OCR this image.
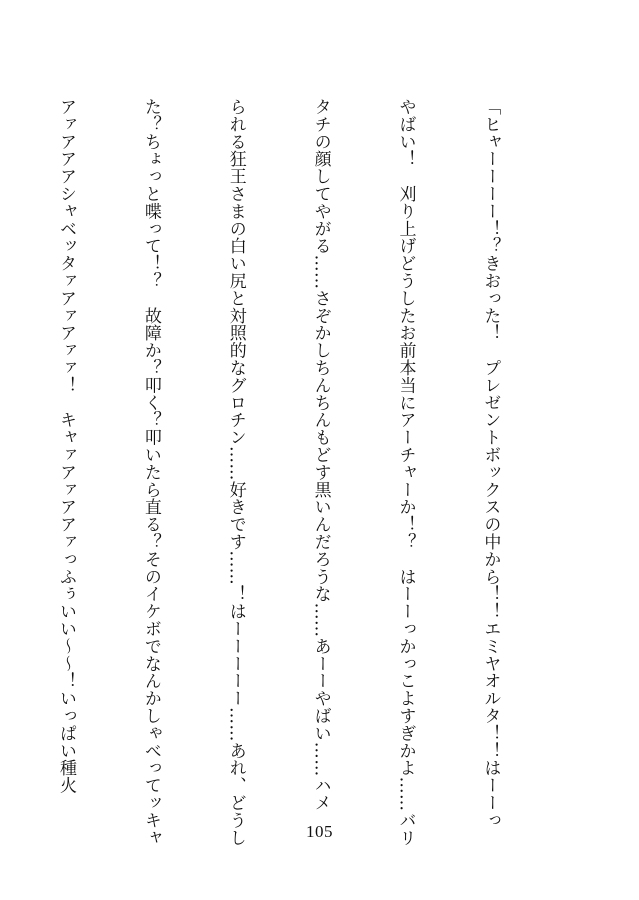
「ヒャーーーー！？きおった！　プレゼントボックスの中から！！エミヤオルタ！！はーーっ

やばい！　刈り上げどうしたお前本当にアーチャーか！？　はーーっかっこよすぎかよ……バリ

タチの顔してやがる……さぞかしちんちんもどす黒いんだろうな……あーーやばい……ハメ

られる狂王さまの白い尻と対照的なグロチン……好きです……！はーーーーー……あれ、どうし

た？ちょっと喋って！？　故障か？叩く？叩いたら直る？そのイケボでなんかしゃべってッキャ

アァアアアシャベッタァアァアァァ！　キャァアァアアァっふぅいい〜〜！いっぱい種火

105
